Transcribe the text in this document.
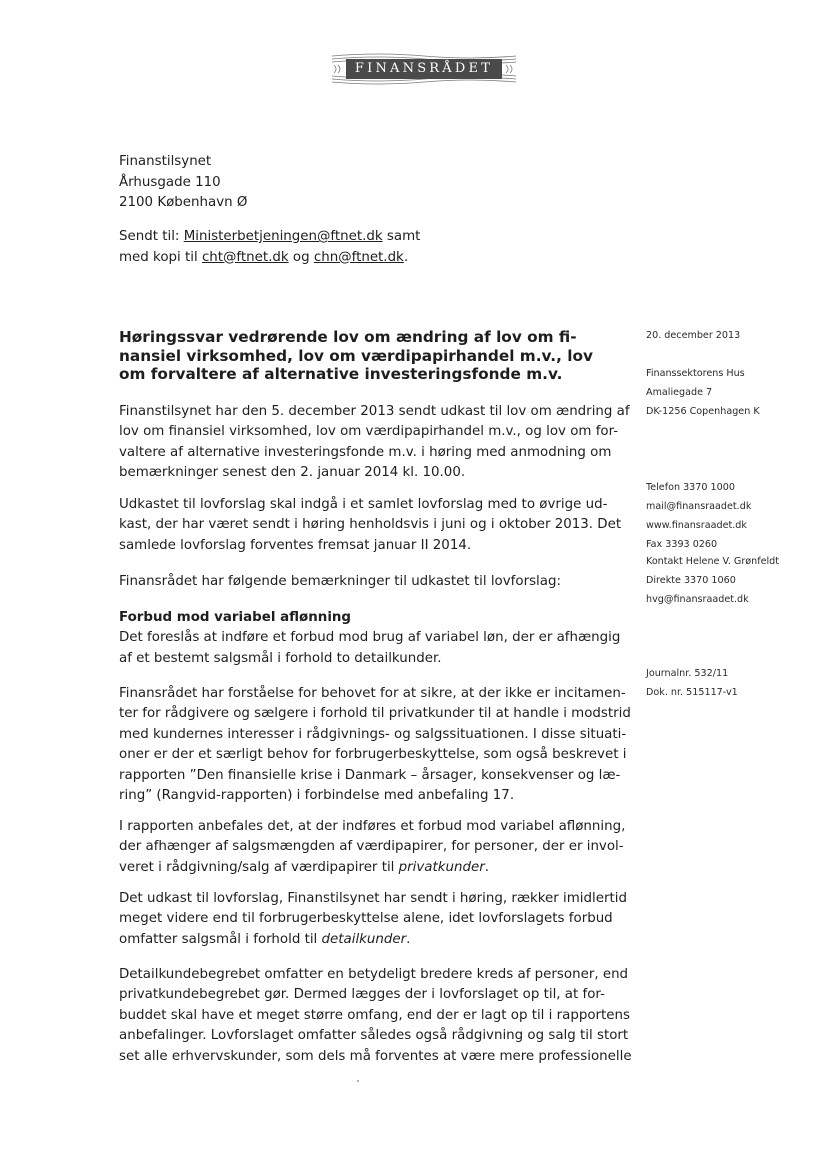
FINANSRÅDET
Finanstilsynet
Århusgade 110
2100 København Ø
Sendt til: Ministerbetjeningen@ftnet.dk samt
med kopi til cht@ftnet.dk og chn@ftnet.dk.
Høringssvar vedrørende lov om ændring af lov om fi-
nansiel virksomhed, lov om værdipapirhandel m.v., lov
om forvaltere af alternative investeringsfonde m.v.
Finanstilsynet har den 5. december 2013 sendt udkast til lov om ændring af
lov om finansiel virksomhed, lov om værdipapirhandel m.v., og lov om for-
valtere af alternative investeringsfonde m.v. i høring med anmodning om
bemærkninger senest den 2. januar 2014 kl. 10.00.
Udkastet til lovforslag skal indgå i et samlet lovforslag med to øvrige ud-
kast, der har været sendt i høring henholdsvis i juni og i oktober 2013. Det
samlede lovforslag forventes fremsat januar II 2014.
Finansrådet har følgende bemærkninger til udkastet til lovforslag:
Forbud mod variabel aflønning
Det foreslås at indføre et forbud mod brug af variabel løn, der er afhængig
af et bestemt salgsmål i forhold to detailkunder.
Finansrådet har forståelse for behovet for at sikre, at der ikke er incitamen-
ter for rådgivere og sælgere i forhold til privatkunder til at handle i modstrid
med kundernes interesser i rådgivnings- og salgssituationen. I disse situati-
oner er der et særligt behov for forbrugerbeskyttelse, som også beskrevet i
rapporten ”Den finansielle krise i Danmark – årsager, konsekvenser og læ-
ring” (Rangvid-rapporten) i forbindelse med anbefaling 17.
I rapporten anbefales det, at der indføres et forbud mod variabel aflønning,
der afhænger af salgsmængden af værdipapirer, for personer, der er invol-
veret i rådgivning/salg af værdipapirer til privatkunder.
Det udkast til lovforslag, Finanstilsynet har sendt i høring, rækker imidlertid
meget videre end til forbrugerbeskyttelse alene, idet lovforslagets forbud
omfatter salgsmål i forhold til detailkunder.
Detailkundebegrebet omfatter en betydeligt bredere kreds af personer, end
privatkundebegrebet gør. Dermed lægges der i lovforslaget op til, at for-
buddet skal have et meget større omfang, end der er lagt op til i rapportens
anbefalinger. Lovforslaget omfatter således også rådgivning og salg til stort
set alle erhvervskunder, som dels må forventes at være mere professionelle
20. december 2013
Finanssektorens Hus
Amaliegade 7
DK-1256 Copenhagen K

Telefon 3370 1000

Fax 3393 0260

mail@finansraadet.dk
www.finansraadet.dk
Kontakt Helene V. Grønfeldt
Direkte 3370 1060
hvg@finansraadet.dk
Journalnr. 532/11
Dok. nr. 515117-v1
